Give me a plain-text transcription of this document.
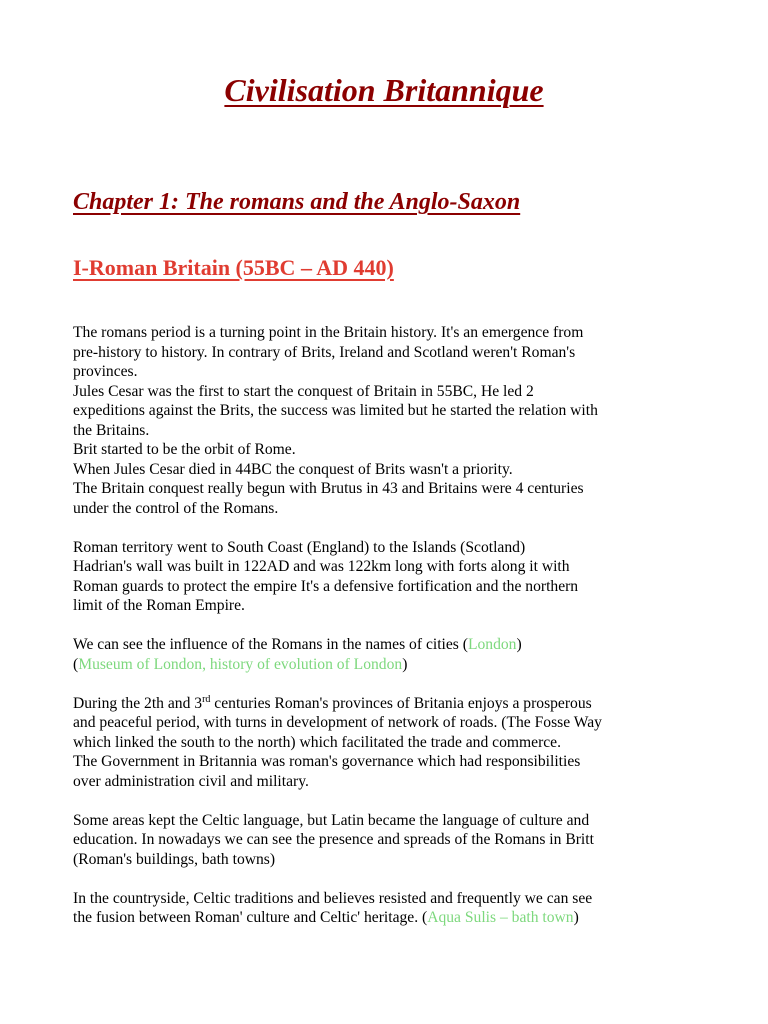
Civilisation Britannique
Chapter 1: The romans and the Anglo-Saxon
I-Roman Britain (55BC – AD 440)
The romans period is a turning point in the Britain history. It's an emergence from
pre-history to history. In contrary of Brits, Ireland and Scotland weren't Roman's
provinces.
Jules Cesar was the first to start the conquest of Britain in 55BC, He led 2
expeditions against the Brits, the success was limited but he started the relation with
the Britains.
Brit started to be the orbit of Rome.
When Jules Cesar died in 44BC the conquest of Brits wasn't a priority.
The Britain conquest really begun with Brutus in 43 and Britains were 4 centuries
under the control of the Romans.
Roman territory went to South Coast (England) to the Islands (Scotland)
Hadrian's wall was built in 122AD and was 122km long with forts along it with
Roman guards to protect the empire It's a defensive fortification and the northern
limit of the Roman Empire.
We can see the influence of the Romans in the names of cities (London)
(Museum of London, history of evolution of London)
During the 2th and 3rd centuries Roman's provinces of Britania enjoys a prosperous
and peaceful period, with turns in development of network of roads. (The Fosse Way
which linked the south to the north) which facilitated the trade and commerce.
The Government in Britannia was roman's governance which had responsibilities
over administration civil and military.
Some areas kept the Celtic language, but Latin became the language of culture and
education. In nowadays we can see the presence and spreads of the Romans in Britt
(Roman's buildings, bath towns)
In the countryside, Celtic traditions and believes resisted and frequently we can see
the fusion between Roman' culture and Celtic' heritage. (Aqua Sulis – bath town)
